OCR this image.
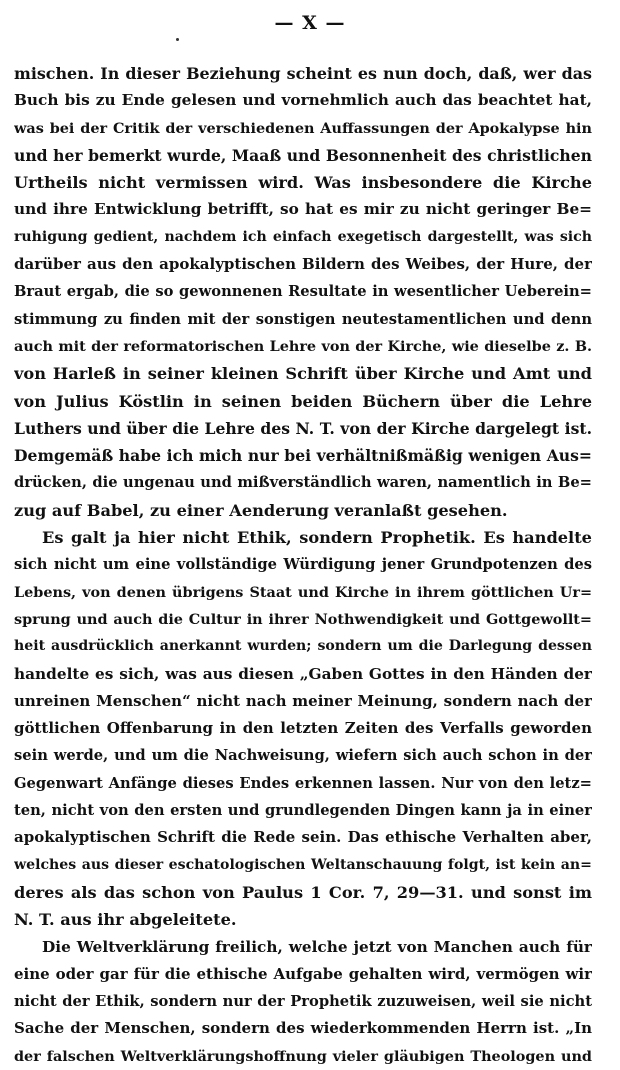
— X —
mischen. In dieser Beziehung scheint es nun doch, daß, wer das
Buch bis zu Ende gelesen und vornehmlich auch das beachtet hat,
was bei der Critik der verschiedenen Auffassungen der Apokalypse hin
und her bemerkt wurde, Maaß und Besonnenheit des christlichen
Urtheils nicht vermissen wird. Was insbesondere die Kirche
und ihre Entwicklung betrifft, so hat es mir zu nicht geringer Be=
ruhigung gedient, nachdem ich einfach exegetisch dargestellt, was sich
darüber aus den apokalyptischen Bildern des Weibes, der Hure, der
Braut ergab, die so gewonnenen Resultate in wesentlicher Ueberein=
stimmung zu finden mit der sonstigen neutestamentlichen und denn
auch mit der reformatorischen Lehre von der Kirche, wie dieselbe z. B.
von Harleß in seiner kleinen Schrift über Kirche und Amt und
von Julius Köstlin in seinen beiden Büchern über die Lehre
Luthers und über die Lehre des N. T. von der Kirche dargelegt ist.
Demgemäß habe ich mich nur bei verhältnißmäßig wenigen Aus=
drücken, die ungenau und mißverständlich waren, namentlich in Be=
zug auf Babel, zu einer Aenderung veranlaßt gesehen.
Es galt ja hier nicht Ethik, sondern Prophetik. Es handelte
sich nicht um eine vollständige Würdigung jener Grundpotenzen des
Lebens, von denen übrigens Staat und Kirche in ihrem göttlichen Ur=
sprung und auch die Cultur in ihrer Nothwendigkeit und Gottgewollt=
heit ausdrücklich anerkannt wurden; sondern um die Darlegung dessen
handelte es sich, was aus diesen „Gaben Gottes in den Händen der
unreinen Menschen“ nicht nach meiner Meinung, sondern nach der
göttlichen Offenbarung in den letzten Zeiten des Verfalls geworden
sein werde, und um die Nachweisung, wiefern sich auch schon in der
Gegenwart Anfänge dieses Endes erkennen lassen. Nur von den letz=
ten, nicht von den ersten und grundlegenden Dingen kann ja in einer
apokalyptischen Schrift die Rede sein. Das ethische Verhalten aber,
welches aus dieser eschatologischen Weltanschauung folgt, ist kein an=
deres als das schon von Paulus 1 Cor. 7, 29—31. und sonst im
N. T. aus ihr abgeleitete.
Die Weltverklärung freilich, welche jetzt von Manchen auch für
eine oder gar für die ethische Aufgabe gehalten wird, vermögen wir
nicht der Ethik, sondern nur der Prophetik zuzuweisen, weil sie nicht
Sache der Menschen, sondern des wiederkommenden Herrn ist. „In
der falschen Weltverklärungshoffnung vieler gläubigen Theologen und
